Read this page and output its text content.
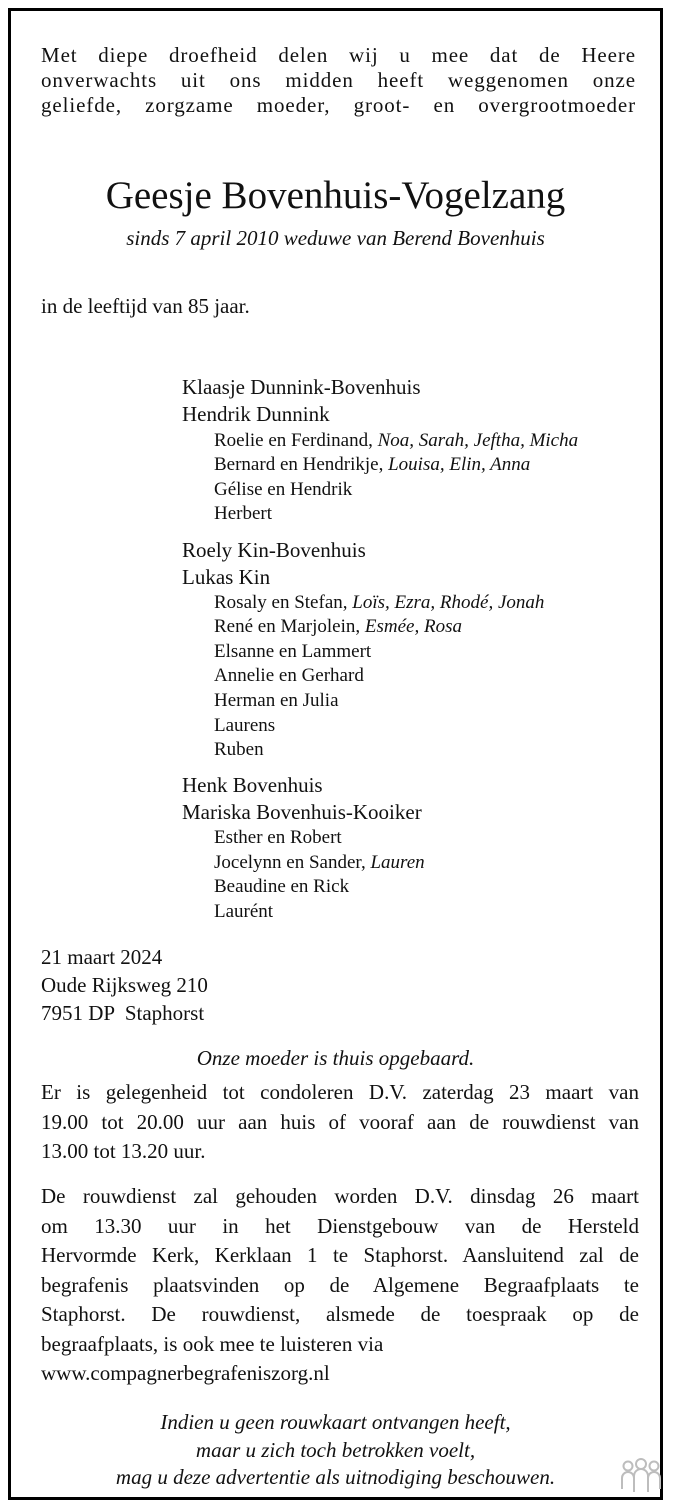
Met diepe droefheid delen wij u mee dat de Heere
onverwachts uit ons midden heeft weggenomen onze
geliefde, zorgzame moeder, groot- en overgrootmoeder
Geesje Bovenhuis-Vogelzang
sinds 7 april 2010 weduwe van Berend Bovenhuis
in de leeftijd van 85 jaar.
Klaasje Dunnink-Bovenhuis
Hendrik Dunnink
Roelie en Ferdinand, Noa, Sarah, Jeftha, Micha
Bernard en Hendrikje, Louisa, Elin, Anna
Gélise en Hendrik
Herbert
Roely Kin-Bovenhuis
Lukas Kin
Rosaly en Stefan, Loïs, Ezra, Rhodé, Jonah
René en Marjolein, Esmée, Rosa
Elsanne en Lammert
Annelie en Gerhard
Herman en Julia
Laurens
Ruben
Henk Bovenhuis
Mariska Bovenhuis-Kooiker
Esther en Robert
Jocelynn en Sander, Lauren
Beaudine en Rick
Laurént
21 maart 2024
Oude Rijksweg 210
7951 DP  Staphorst
Onze moeder is thuis opgebaard.
Er is gelegenheid tot condoleren D.V. zaterdag 23 maart van
19.00 tot 20.00 uur aan huis of vooraf aan de rouwdienst van
13.00 tot 13.20 uur.
De rouwdienst zal gehouden worden D.V. dinsdag 26 maart
om 13.30 uur in het Dienstgebouw van de Hersteld
Hervormde Kerk, Kerklaan 1 te Staphorst. Aansluitend zal de
begrafenis plaatsvinden op de Algemene Begraafplaats te
Staphorst. De rouwdienst, alsmede de toespraak op de
begraafplaats, is ook mee te luisteren via
www.compagnerbegrafeniszorg.nl
Indien u geen rouwkaart ontvangen heeft,
maar u zich toch betrokken voelt,
mag u deze advertentie als uitnodiging beschouwen.
